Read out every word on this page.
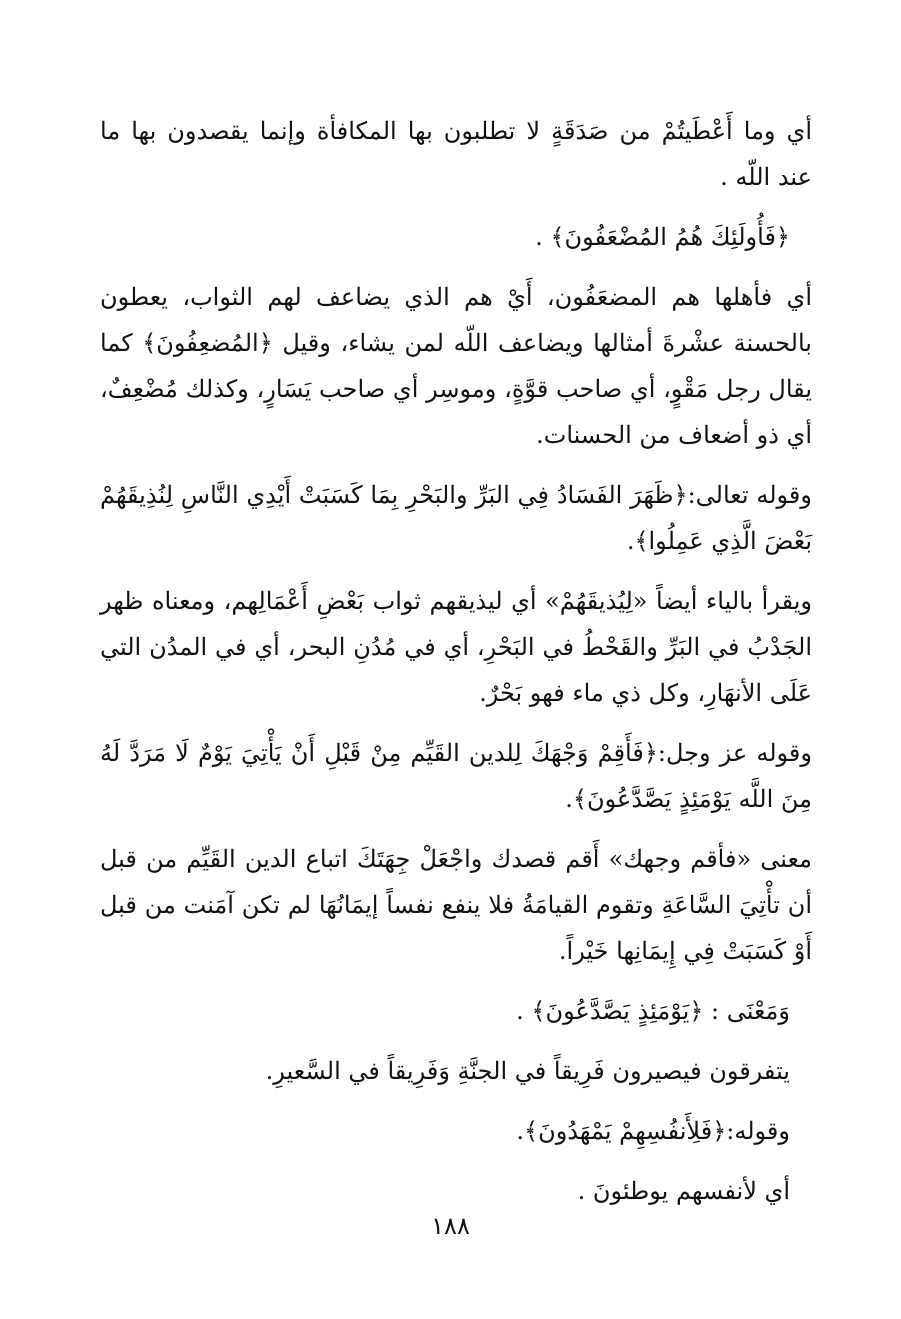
أي وما أَعْطَيتُمْ من صَدَقَةٍ لا تطلبون بها المكافأة وإنما يقصدون بها ما عند اللّه .

﴿فَأُولَئِكَ هُمُ المُضْعَفُونَ﴾ .

أي فأهلها هم المضعَفُون، أَيْ هم الذي يضاعف لهم الثواب، يعطون بالحسنة عشْرةَ أمثالها ويضاعف اللّه لمن يشاء، وقيل ﴿المُضعِفُونَ﴾ كما يقال رجل مَقْوٍ، أي صاحب قوَّةٍ، وموسِر أي صاحب يَسَارٍ، وكذلك مُضْعِفٌ، أي ذو أضعاف من الحسنات.

وقوله تعالى:﴿ظَهَرَ الفَسَادُ فِي البَرِّ والبَحْرِ بِمَا كَسَبَتْ أَيْدِي النَّاسِ لِنُذِيقَهُمْ بَعْضَ الَّذِي عَمِلُوا﴾.

ويقرأ بالياء أيضاً «لِيُذيقَهُمْ» أي ليذيقهم ثواب بَعْضِ أَعْمَالِهم، ومعناه ظهر الجَدْبُ في البَرِّ والقَحْطُ في البَحْرِ، أي في مُدُنِ البحر، أي في المدُن التي عَلَى الأنهَارِ، وكل ذي ماء فهو بَحْرٌ.

وقوله عز وجل:﴿فَأَقِمْ وَجْهَكَ لِلدين القَيِّم مِنْ قَبْلِ أَنْ يَأْتِيَ يَوْمٌ لَا مَرَدَّ لَهُ مِنَ اللَّه يَوْمَئِذٍ يَصَّدَّعُونَ﴾.

معنى «فأقم وجهك» أَقم قصدك واجْعَلْ جِهَتَكَ اتباع الدين القَيِّم من قبل أن تأْتِيَ السَّاعَةِ وتقوم القيامَةُ فلا ينفع نفساً إيمَانُهَا لم تكن آمَنت من قبل أَوْ كَسَبَتْ فِي إِيمَانِها خَيْراً.

وَمَعْنَى : ﴿يَوْمَئِذٍ يَصَّدَّعُونَ﴾ .

يتفرقون فيصيرون فَرِيقاً في الجنَّةِ وَفَرِيقاً في السَّعيرِ.

وقوله:﴿فَلِأَنفُسِهِمْ يَمْهَدُونَ﴾.

أي لأنفسهم يوطئونَ .

١٨٨
